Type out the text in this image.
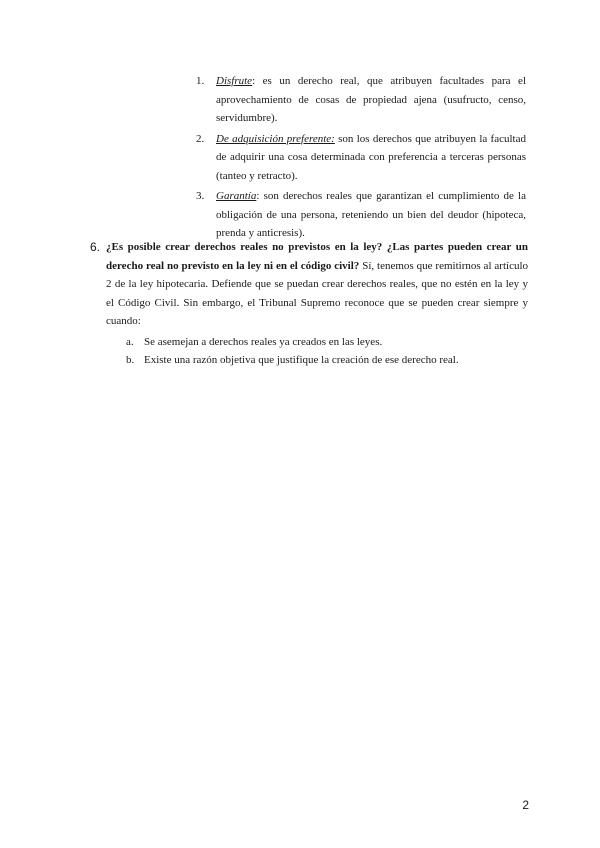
1. Disfrute: es un derecho real, que atribuyen facultades para el aprovechamiento de cosas de propiedad ajena (usufructo, censo, servidumbre).

2. De adquisición preferente: son los derechos que atribuyen la facultad de adquirir una cosa determinada con preferencia a terceras personas (tanteo y retracto).

3. Garantía: son derechos reales que garantizan el cumplimiento de la obligación de una persona, reteniendo un bien del deudor (hipoteca, prenda y anticresis).

6. ¿Es posible crear derechos reales no previstos en la ley? ¿Las partes pueden crear un derecho real no previsto en la ley ni en el código civil? Sí, tenemos que remitirnos al artículo 2 de la ley hipotecaria. Defiende que se puedan crear derechos reales, que no estén en la ley y el Código Civil. Sin embargo, el Tribunal Supremo reconoce que se pueden crear siempre y cuando:

a. Se asemejan a derechos reales ya creados en las leyes.

b. Existe una razón objetiva que justifique la creación de ese derecho real.

2
